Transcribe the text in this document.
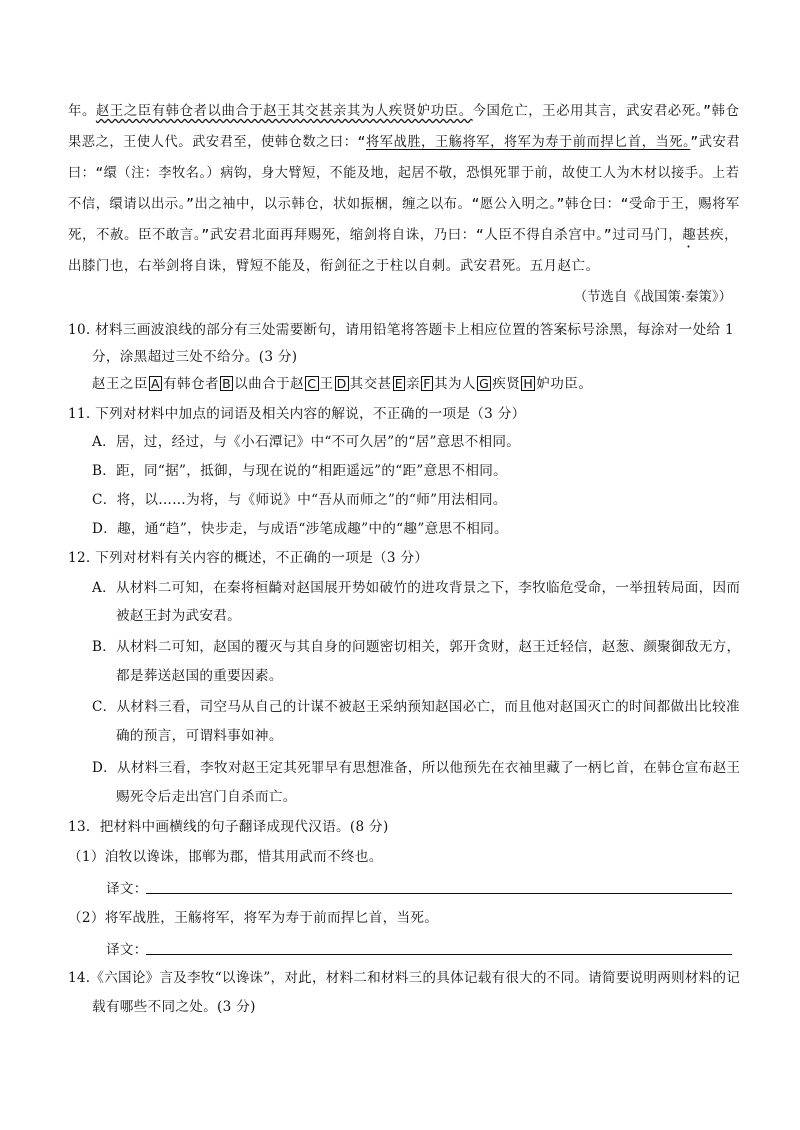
年。赵王之臣有韩仓者以曲合于赵王其交甚亲其为人疾贤妒功臣。今国危亡，王必用其言，武安君必死。”韩仓
果恶之，王使人代。武安君至，使韩仓数之曰：“将军战胜，王觞将军，将军为寿于前而捍匕首，当死。”武安君
曰：“缳（注：李牧名。）病钩，身大臂短，不能及地，起居不敬，恐惧死罪于前，故使工人为木材以接手。上若
不信，缳请以出示。”出之袖中，以示韩仓，状如振梱，缠之以布。“愿公入明之。”韩仓曰：“受命于王，赐将军
死，不赦。臣不敢言。”武安君北面再拜赐死，缩剑将自诛，乃曰：“人臣不得自杀宫中。”过司马门，趣甚疾，
出膝门也，右举剑将自诛，臂短不能及，衔剑征之于柱以自刺。武安君死。五月赵亡。
（节选自《战国策·秦策》）
10. 材料三画波浪线的部分有三处需要断句，请用铅笔将答题卡上相应位置的答案标号涂黑，每涂对一处给 1
分，涂黑超过三处不给分。(3 分)
赵王之臣 A 有韩仓者 B 以曲合于赵 C 王 D 其交甚 E 亲 F 其为人 G 疾贤 H 妒功臣。
11. 下列对材料中加点的词语及相关内容的解说，不正确的一项是（3 分）
A．居，过，经过，与《小石潭记》中“不可久居”的“居”意思不相同。
B．距，同“据”，抵御，与现在说的“相距遥远”的“距”意思不相同。
C．将，以……为将，与《师说》中“吾从而师之”的“师”用法相同。
D．趣，通“趋”，快步走，与成语“涉笔成趣”中的“趣”意思不相同。
12. 下列对材料有关内容的概述，不正确的一项是（3 分）
A．从材料二可知，在秦将桓齮对赵国展开势如破竹的进攻背景之下，李牧临危受命，一举扭转局面，因而
被赵王封为武安君。
B．从材料二可知，赵国的覆灭与其自身的问题密切相关，郭开贪财，赵王迁轻信，赵葱、颜聚御敌无方，
都是葬送赵国的重要因素。
C．从材料三看，司空马从自己的计谋不被赵王采纳预知赵国必亡，而且他对赵国灭亡的时间都做出比较准
确的预言，可谓料事如神。
D．从材料三看，李牧对赵王定其死罪早有思想准备，所以他预先在衣袖里藏了一柄匕首，在韩仓宣布赵王
赐死令后走出宫门自杀而亡。
13．把材料中画横线的句子翻译成现代汉语。(8 分)
（1）洎牧以谗诛，邯郸为郡，惜其用武而不终也。
译文：
（2）将军战胜，王觞将军，将军为寿于前而捍匕首，当死。
译文：
14.《六国论》言及李牧“以谗诛”，对此，材料二和材料三的具体记载有很大的不同。请简要说明两则材料的记
载有哪些不同之处。(3 分)
